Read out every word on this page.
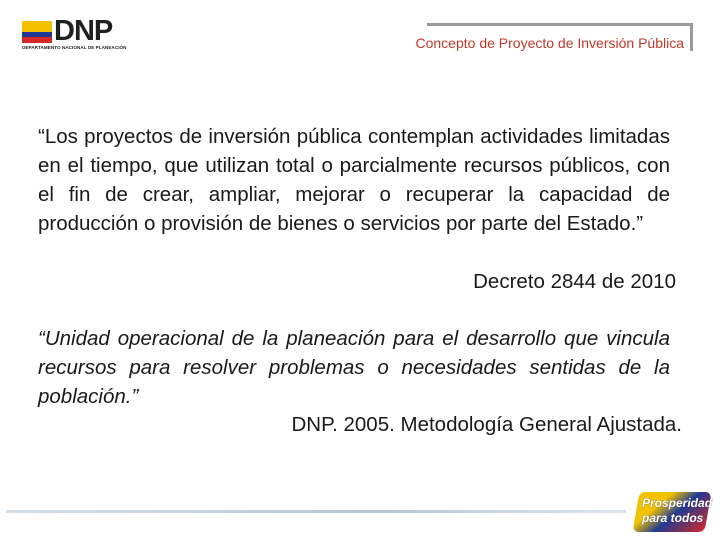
DNP
DEPARTAMENTO NACIONAL DE PLANEACIÓN	Concepto de Proyecto de Inversión Pública
“Los proyectos de inversión pública contemplan actividades limitadas en el tiempo, que utilizan total o parcialmente recursos públicos, con el fin de crear, ampliar, mejorar o recuperar la capacidad de producción o provisión de bienes o servicios por parte del Estado.”
Decreto 2844 de 2010
“Unidad operacional de la planeación para el desarrollo que vincula recursos para resolver problemas o necesidades sentidas de la población.”
DNP. 2005. Metodología General Ajustada.
Prosperidad
para todos
